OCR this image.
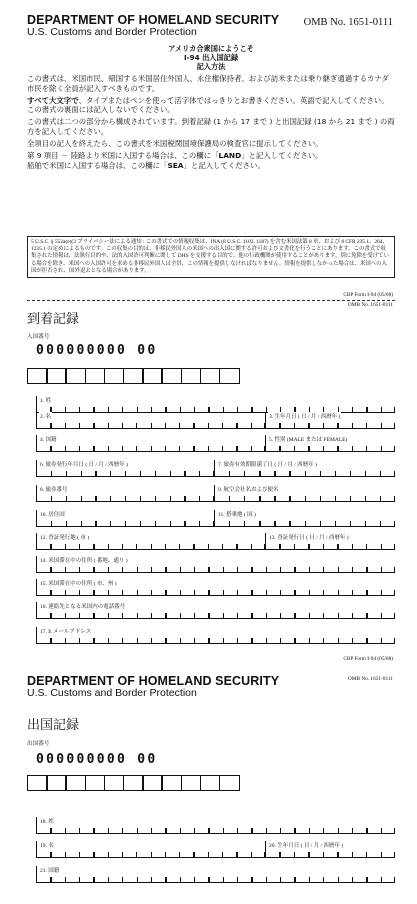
DEPARTMENT OF HOMELAND SECURITY
U.S. Customs and Border Protection
OMB No. 1651-0111
アメリカ合衆国にようこそ
I-94 出入国記録
記入方法

この書式は、米国市民、帰国する米国居住外国人、永住権保持者、および訪米または乗り継ぎ通過するカナダ市民を除く全員が記入すべきものです。

すべて大文字で、タイプまたはペンを使って活字体ではっきりとお書きください。英語で記入してください。この書式の裏面には記入しないでください。

この書式は二つの部分から構成されています。到着記録 (1 から 17 まで ) と出国記録 (18 から 21 まで ) の両方を記入してください。

全項目の記入を終えたら、この書式を米国税関国境保護局の検査官に提示してください。

第 9 項目 － 陸路より米国に入国する場合は、この欄に「LAND」と記入してください。
船舶で米国に入国する場合は、この欄に「SEA」と記入してください。

5 U.S.C. § 552a(e)(3 プライバシー法による通知 : この書式での情報収集は、INA (8 U.S.C. 1103, 1187) を含む米国法第 8 章、および 8 CFR 235.1、264、1235.1 の定めによるものです。この収集の目的は、非移民外国人の米国への出入国に関する許可および文書化を行うことにあります。この書式で収集された情報は、法執行目的や、法的入国許可判断に関して DHS を支援する目的で、他の行政機関が使用することがあります。別に免除を受けている場合を除き、米国への入国許可を求める非移民外国人は全員、この情報を提供しなければなりません。情報を提供しなかった場合は、米国への入国が拒否され、国外退去となる場合があります。
CBP Form I-94 (05/08)
OMB No. 1651-0111
到着記録
入国番号
000000000 00
1. 姓
2. 名	3. 生年月日 ( 日 / 月 / 西暦年 )
4. 国籍	5. 性別 (MALE または FEMALE)
6. 旅券発行年月日 ( 日 / 月 / 西暦年 )	7. 旅券有効期限満了日 ( 日 / 月 / 西暦年 )
8. 旅券番号	9. 航空会社名および便名
10. 居住国	11. 搭乗地 ( 国 )
12. 査証発行地 ( 市 )	13. 査証発行日 ( 日 / 月 / 西暦年 )
14. 米国滞在中の住所 ( 番地、通り )
15. 米国滞在中の住所 ( 市、州 )
16. 連絡先となる米国内の電話番号
17. E メールアドレス
CBP Form I-94 (05/08)
DEPARTMENT OF HOMELAND SECURITY
U.S. Customs and Border Protection
OMB No. 1651-0111
出国記録
出国番号
000000000 00
18. 姓
19. 名	20. 生年月日 ( 日 / 月 / 西暦年 )
21. 国籍
